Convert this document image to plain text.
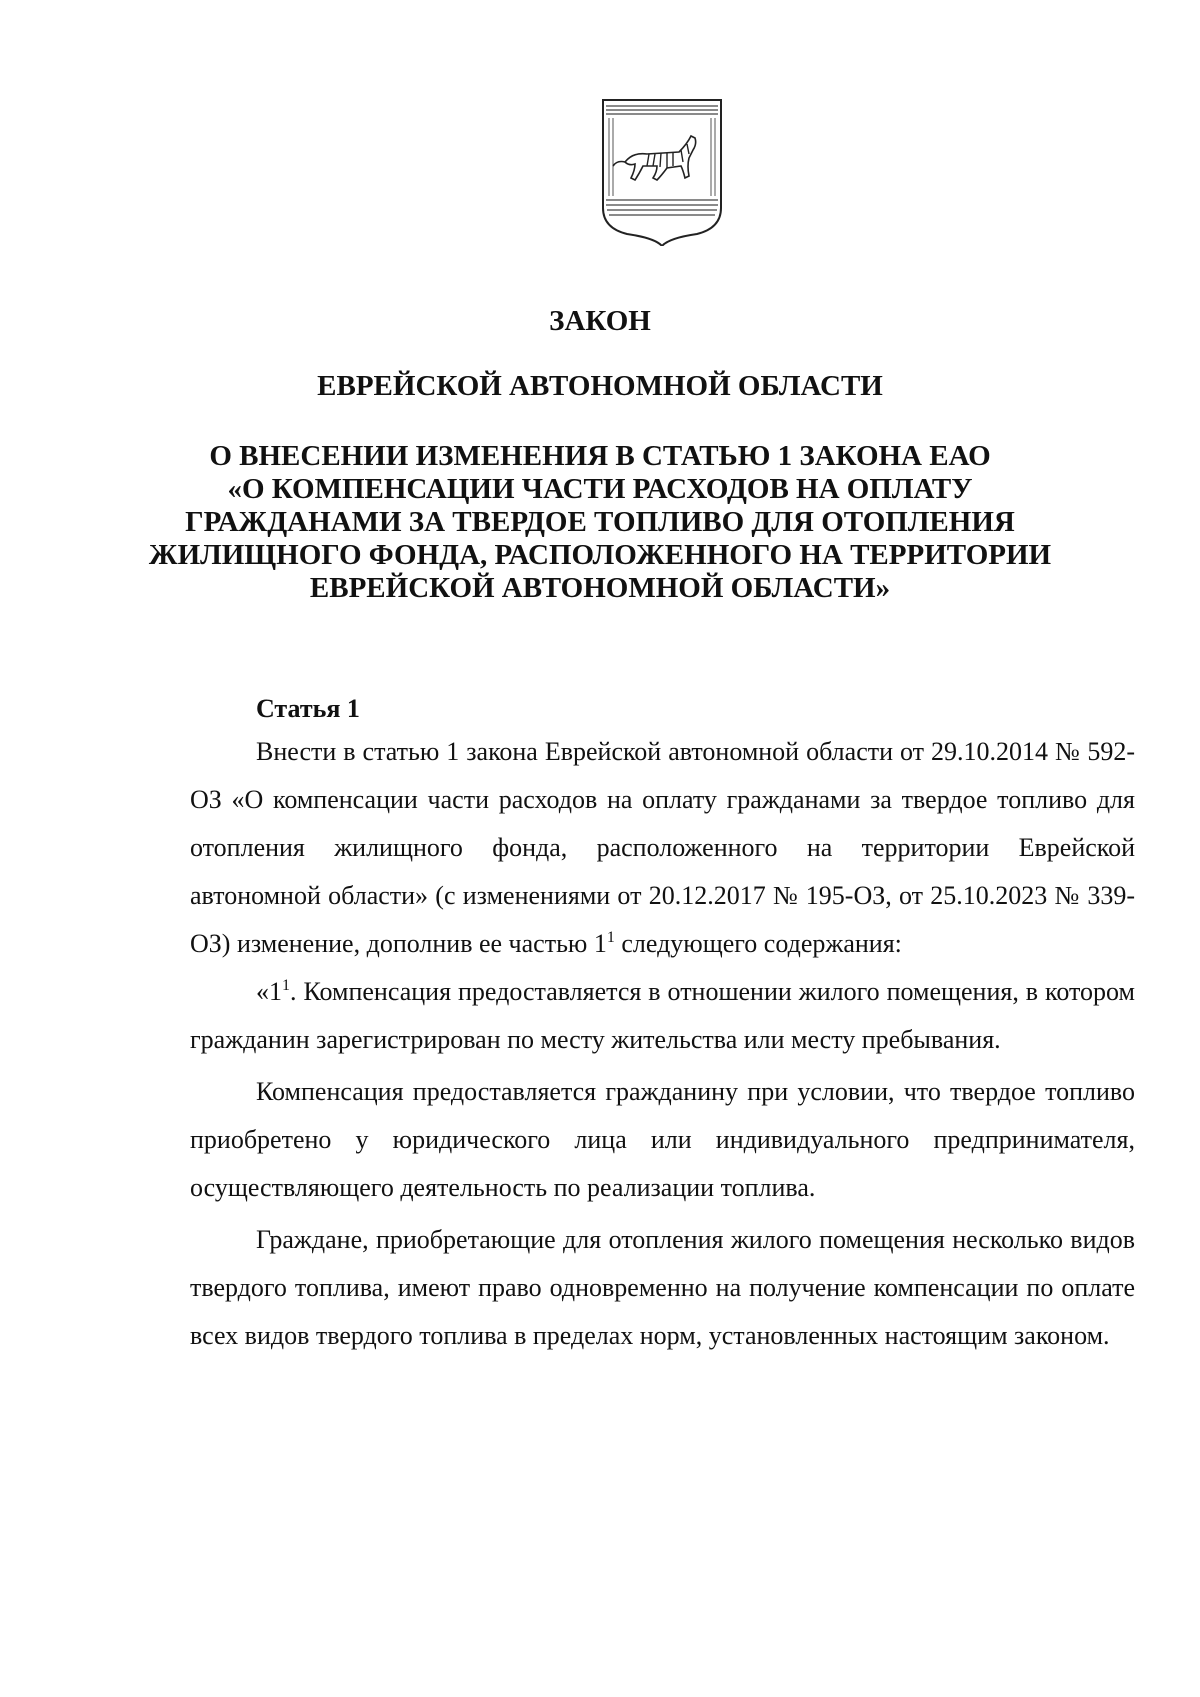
ЗАКОН
ЕВРЕЙСКОЙ АВТОНОМНОЙ ОБЛАСТИ
О ВНЕСЕНИИ ИЗМЕНЕНИЯ В СТАТЬЮ 1 ЗАКОНА ЕАО
«О КОМПЕНСАЦИИ ЧАСТИ РАСХОДОВ НА ОПЛАТУ
ГРАЖДАНАМИ ЗА ТВЕРДОЕ ТОПЛИВО ДЛЯ ОТОПЛЕНИЯ
ЖИЛИЩНОГО ФОНДА, РАСПОЛОЖЕННОГО НА ТЕРРИТОРИИ
ЕВРЕЙСКОЙ АВТОНОМНОЙ ОБЛАСТИ»
Статья 1

Внести в статью 1 закона Еврейской автономной области от 29.10.2014 № 592-ОЗ «О компенсации части расходов на оплату гражданами за твердое топливо для отопления жилищного фонда, расположенного на территории Еврейской автономной области» (с изменениями от 20.12.2017 № 195-ОЗ, от 25.10.2023 № 339-ОЗ) изменение, дополнив ее частью $1^1$ следующего содержания:

«$1^1$. Компенсация предоставляется в отношении жилого помещения, в котором гражданин зарегистрирован по месту жительства или месту пребывания.

Компенсация предоставляется гражданину при условии, что твердое топливо приобретено у юридического лица или индивидуального предпринимателя, осуществляющего деятельность по реализации топлива.

Граждане, приобретающие для отопления жилого помещения несколько видов твердого топлива, имеют право одновременно на получение компенсации по оплате всех видов твердого топлива в пределах норм, установленных настоящим законом.
